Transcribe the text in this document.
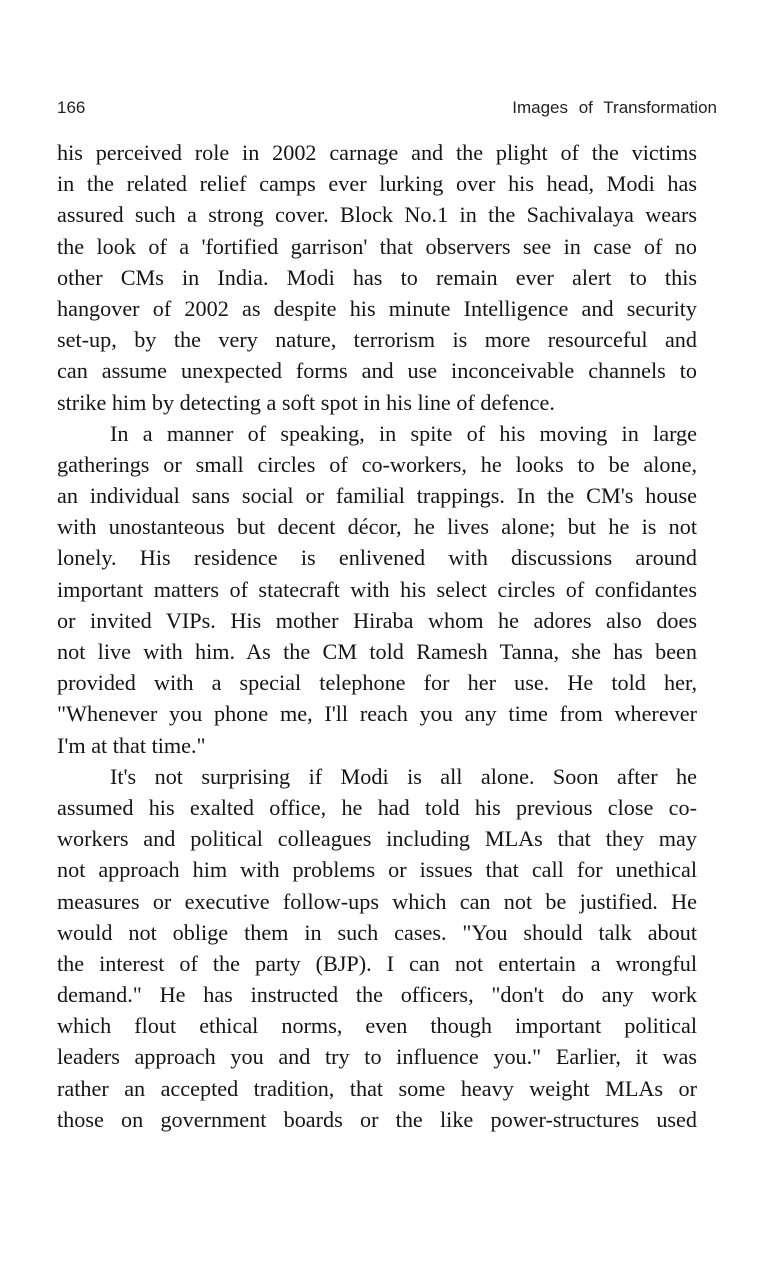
166	Images of Transformation
his perceived role in 2002 carnage and the plight of the victims
in the related relief camps ever lurking over his head, Modi has
assured such a strong cover. Block No.1 in the Sachivalaya wears
the look of a 'fortified garrison' that observers see in case of no
other CMs in India. Modi has to remain ever alert to this
hangover of 2002 as despite his minute Intelligence and security
set-up, by the very nature, terrorism is more resourceful and
can assume unexpected forms and use inconceivable channels to
strike him by detecting a soft spot in his line of defence.
In a manner of speaking, in spite of his moving in large
gatherings or small circles of co-workers, he looks to be alone,
an individual sans social or familial trappings. In the CM's house
with unostanteous but decent décor, he lives alone; but he is not
lonely. His residence is enlivened with discussions around
important matters of statecraft with his select circles of confidantes
or invited VIPs. His mother Hiraba whom he adores also does
not live with him. As the CM told Ramesh Tanna, she has been
provided with a special telephone for her use. He told her,
"Whenever you phone me, I'll reach you any time from wherever
I'm at that time."
It's not surprising if Modi is all alone. Soon after he
assumed his exalted office, he had told his previous close co-
workers and political colleagues including MLAs that they may
not approach him with problems or issues that call for unethical
measures or executive follow-ups which can not be justified. He
would not oblige them in such cases. "You should talk about
the interest of the party (BJP). I can not entertain a wrongful
demand." He has instructed the officers, "don't do any work
which flout ethical norms, even though important political
leaders approach you and try to influence you." Earlier, it was
rather an accepted tradition, that some heavy weight MLAs or
those on government boards or the like power-structures used
